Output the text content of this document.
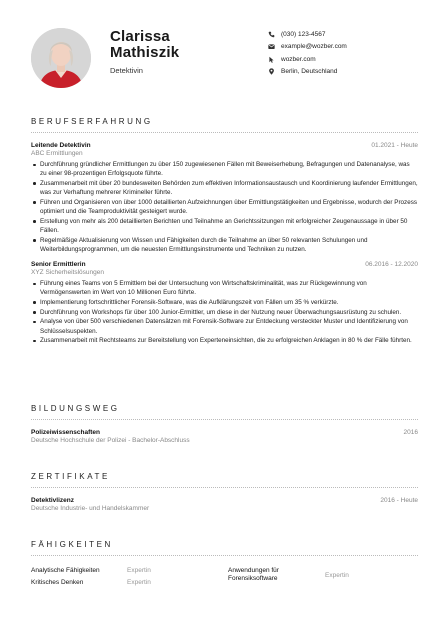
Clarissa
Mathiszik
Detektivin
(030) 123-4567
example@wozber.com
wozber.com
Berlin, Deutschland
BERUFSERFAHRUNG
Leitende Detektivin	01.2021 - Heute
ABC Ermittlungen
Durchführung gründlicher Ermittlungen zu über 150 zugewiesenen Fällen mit Beweiserhebung, Befragungen und Datenanalyse, was zu einer 98-prozentigen Erfolgsquote führte.
Zusammenarbeit mit über 20 bundesweiten Behörden zum effektiven Informationsaustausch und Koordinierung laufender Ermittlungen, was zur Verhaftung mehrerer Krimineller führte.
Führen und Organisieren von über 1000 detaillierten Aufzeichnungen über Ermittlungstätigkeiten und Ergebnisse, wodurch der Prozess optimiert und die Teamproduktivität gesteigert wurde.
Erstellung von mehr als 200 detaillierten Berichten und Teilnahme an Gerichtssitzungen mit erfolgreicher Zeugenaussage in über 50 Fällen.
Regelmäßige Aktualisierung von Wissen und Fähigkeiten durch die Teilnahme an über 50 relevanten Schulungen und Weiterbildungsprogrammen, um die neuesten Ermittlungsinstrumente und Techniken zu nutzen.
Senior Ermittlerin	06.2016 - 12.2020
XYZ Sicherheitslösungen
Führung eines Teams von 5 Ermittlern bei der Untersuchung von Wirtschaftskriminalität, was zur Rückgewinnung von Vermögenswerten im Wert von 10 Millionen Euro führte.
Implementierung fortschrittlicher Forensik-Software, was die Aufklärungszeit von Fällen um 35 % verkürzte.
Durchführung von Workshops für über 100 Junior-Ermittler, um diese in der Nutzung neuer Überwachungsausrüstung zu schulen.
Analyse von über 500 verschiedenen Datensätzen mit Forensik-Software zur Entdeckung versteckter Muster und Identifizierung von Schlüsselsuspekten.
Zusammenarbeit mit Rechtsteams zur Bereitstellung von Experteneinsichten, die zu erfolgreichen Anklagen in 80 % der Fälle führten.
BILDUNGSWEG
Polizeiwissenschaften	2016
Deutsche Hochschule der Polizei - Bachelor-Abschluss
ZERTIFIKATE
Detektivlizenz	2016 - Heute
Deutsche Industrie- und Handelskammer
FÄHIGKEITEN
Analytische Fähigkeiten	Expertin
Kritisches Denken	Expertin
Anwendungen für Forensiksoftware	Expertin
